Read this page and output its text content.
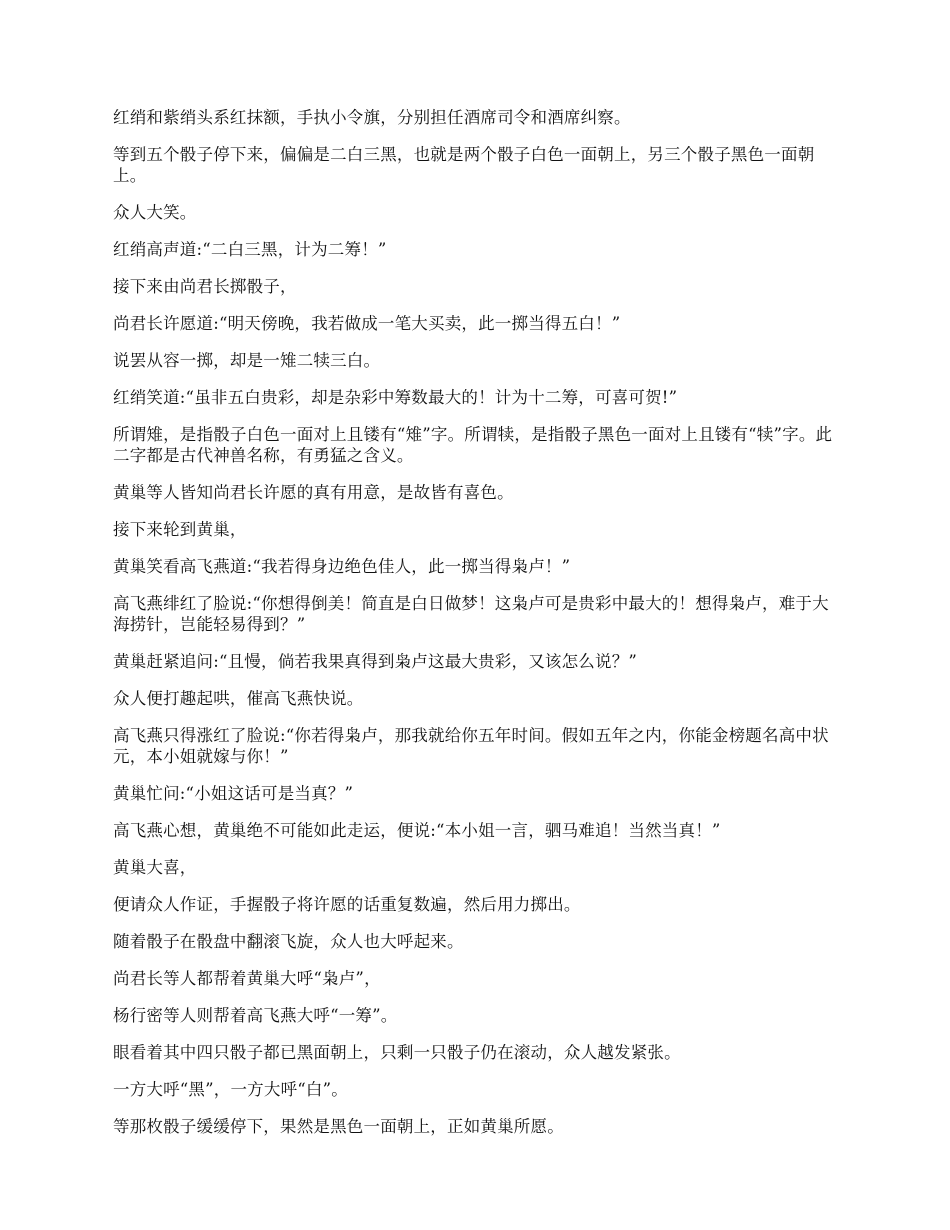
红绡和紫绡头系红抹额，手执小令旗，分别担任酒席司令和酒席纠察。

等到五个骰子停下来，偏偏是二白三黑，也就是两个骰子白色一面朝上，另三个骰子黑色一面朝上。

众人大笑。

红绡高声道:“二白三黑，计为二筹！”

接下来由尚君长掷骰子，

尚君长许愿道:“明天傍晚，我若做成一笔大买卖，此一掷当得五白！”

说罢从容一掷，却是一雉二犊三白。

红绡笑道:“虽非五白贵彩，却是杂彩中筹数最大的！计为十二筹，可喜可贺!”

所谓雉，是指骰子白色一面对上且镂有“雉”字。所谓犊，是指骰子黑色一面对上且镂有“犊”字。此二字都是古代神兽名称，有勇猛之含义。

黄巢等人皆知尚君长许愿的真有用意，是故皆有喜色。

接下来轮到黄巢，

黄巢笑看高飞燕道:“我若得身边绝色佳人，此一掷当得枭卢！”

高飞燕绯红了脸说:“你想得倒美！简直是白日做梦！这枭卢可是贵彩中最大的！想得枭卢，难于大海捞针，岂能轻易得到？”

黄巢赶紧追问:“且慢，倘若我果真得到枭卢这最大贵彩，又该怎么说？”

众人便打趣起哄，催高飞燕快说。

高飞燕只得涨红了脸说:“你若得枭卢，那我就给你五年时间。假如五年之内，你能金榜题名高中状元，本小姐就嫁与你！”

黄巢忙问:“小姐这话可是当真？”

高飞燕心想，黄巢绝不可能如此走运，便说:“本小姐一言，驷马难追！当然当真！”

黄巢大喜，

便请众人作证，手握骰子将许愿的话重复数遍，然后用力掷出。

随着骰子在骰盘中翻滚飞旋，众人也大呼起来。

尚君长等人都帮着黄巢大呼“枭卢”，

杨行密等人则帮着高飞燕大呼“一筹”。

眼看着其中四只骰子都已黑面朝上，只剩一只骰子仍在滚动，众人越发紧张。

一方大呼“黑”，一方大呼“白”。

等那枚骰子缓缓停下，果然是黑色一面朝上，正如黄巢所愿。
